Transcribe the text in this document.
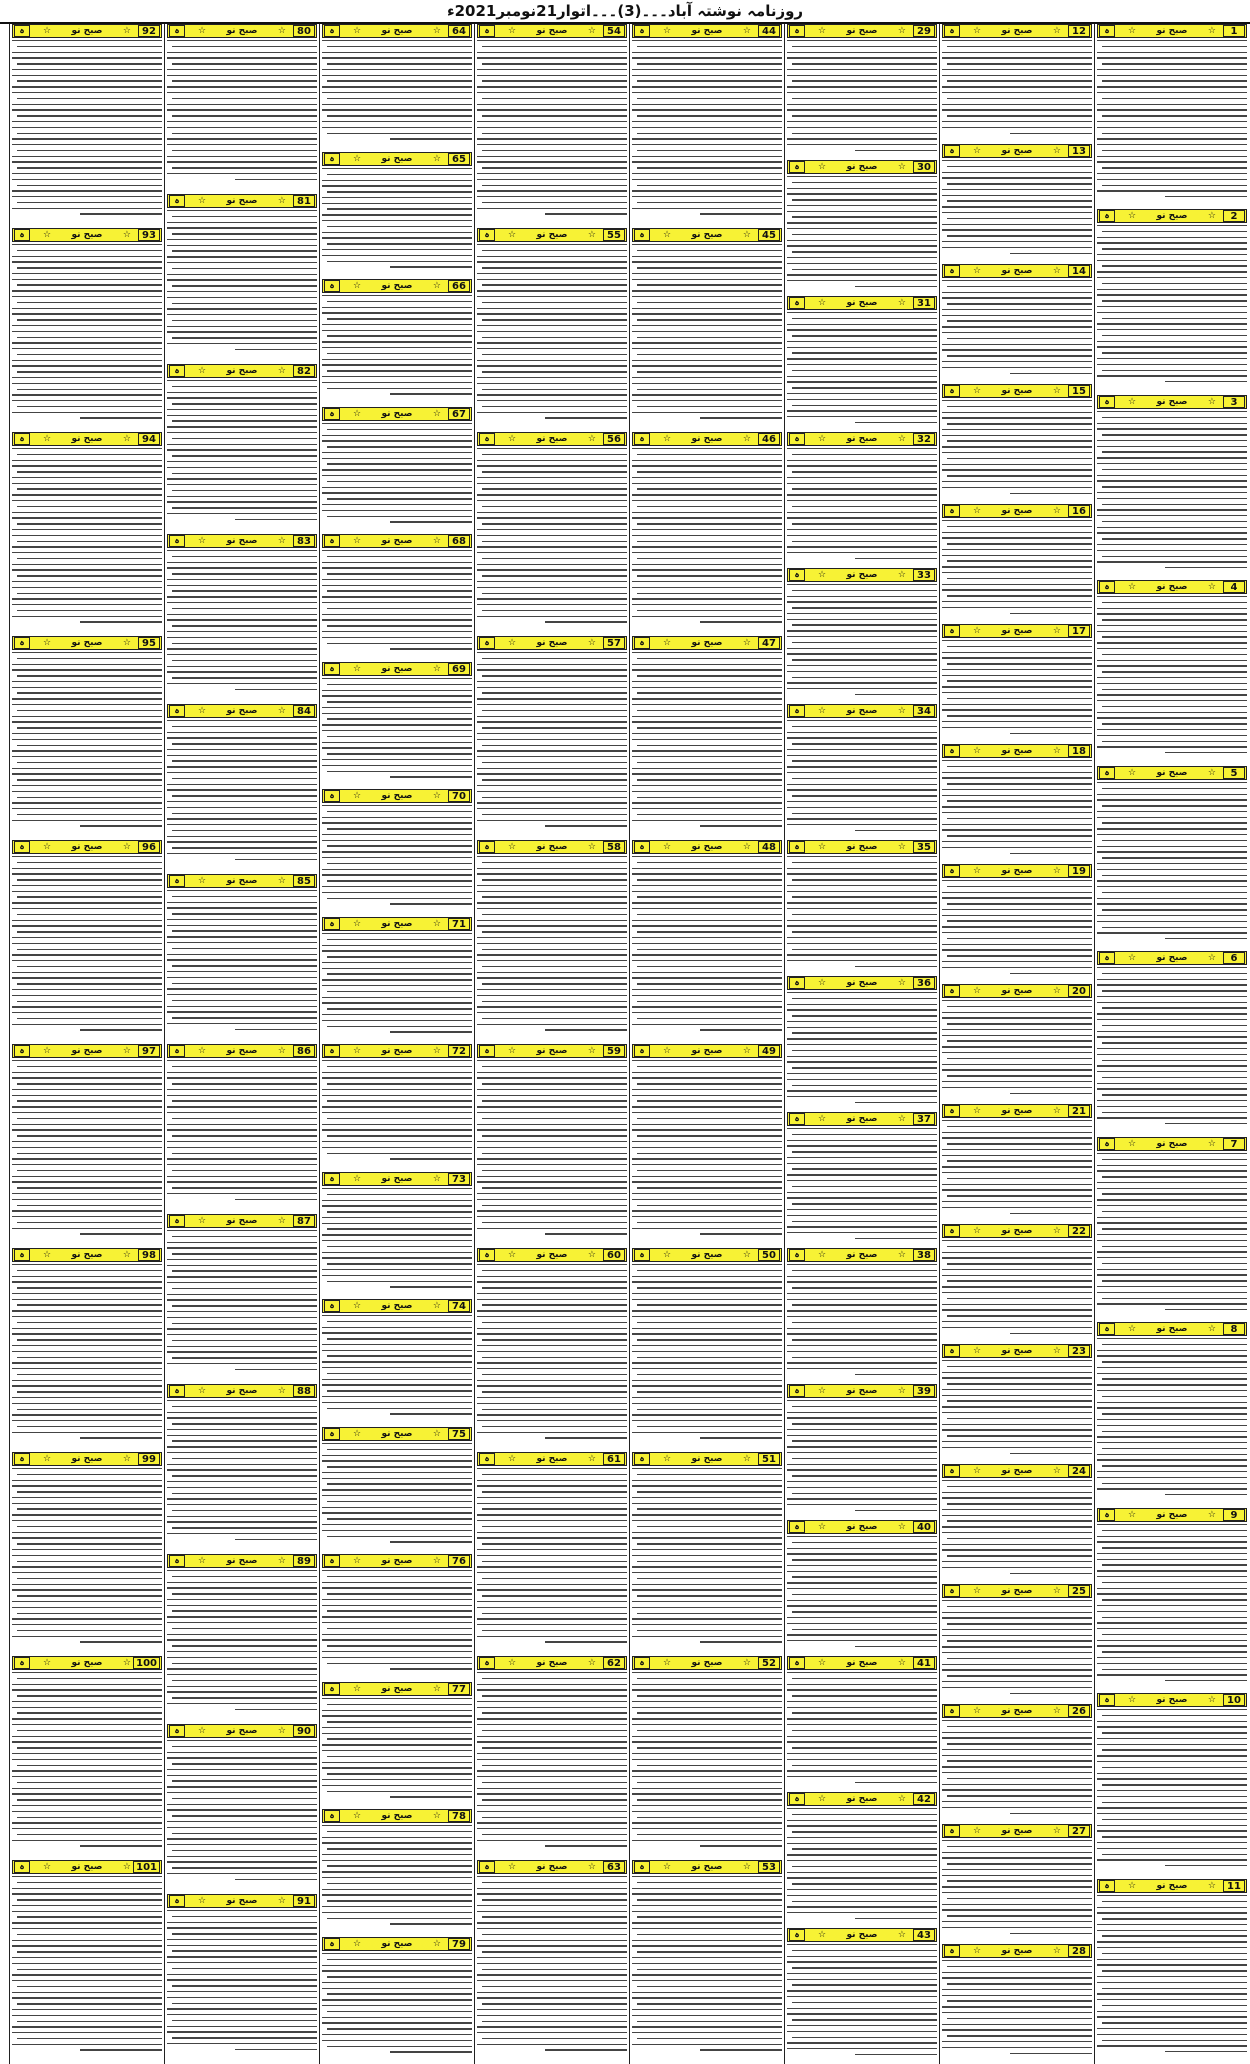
روزنامہ نوشتہ آباد۔۔۔(3)۔۔۔اتوار21نومبر2021ء
1
☆
صبح نو
☆
ہ
2
☆
صبح نو
☆
ہ
3
☆
صبح نو
☆
ہ
4
☆
صبح نو
☆
ہ
5
☆
صبح نو
☆
ہ
6
☆
صبح نو
☆
ہ
7
☆
صبح نو
☆
ہ
8
☆
صبح نو
☆
ہ
9
☆
صبح نو
☆
ہ
10
☆
صبح نو
☆
ہ
11
☆
صبح نو
☆
ہ
12
☆
صبح نو
☆
ہ
13
☆
صبح نو
☆
ہ
14
☆
صبح نو
☆
ہ
15
☆
صبح نو
☆
ہ
16
☆
صبح نو
☆
ہ
17
☆
صبح نو
☆
ہ
18
☆
صبح نو
☆
ہ
19
☆
صبح نو
☆
ہ
20
☆
صبح نو
☆
ہ
21
☆
صبح نو
☆
ہ
22
☆
صبح نو
☆
ہ
23
☆
صبح نو
☆
ہ
24
☆
صبح نو
☆
ہ
25
☆
صبح نو
☆
ہ
26
☆
صبح نو
☆
ہ
27
☆
صبح نو
☆
ہ
28
☆
صبح نو
☆
ہ
29
☆
صبح نو
☆
ہ
30
☆
صبح نو
☆
ہ
31
☆
صبح نو
☆
ہ
32
☆
صبح نو
☆
ہ
33
☆
صبح نو
☆
ہ
34
☆
صبح نو
☆
ہ
35
☆
صبح نو
☆
ہ
36
☆
صبح نو
☆
ہ
37
☆
صبح نو
☆
ہ
38
☆
صبح نو
☆
ہ
39
☆
صبح نو
☆
ہ
40
☆
صبح نو
☆
ہ
41
☆
صبح نو
☆
ہ
42
☆
صبح نو
☆
ہ
43
☆
صبح نو
☆
ہ
44
☆
صبح نو
☆
ہ
45
☆
صبح نو
☆
ہ
46
☆
صبح نو
☆
ہ
47
☆
صبح نو
☆
ہ
48
☆
صبح نو
☆
ہ
49
☆
صبح نو
☆
ہ
50
☆
صبح نو
☆
ہ
51
☆
صبح نو
☆
ہ
52
☆
صبح نو
☆
ہ
53
☆
صبح نو
☆
ہ
54
☆
صبح نو
☆
ہ
55
☆
صبح نو
☆
ہ
56
☆
صبح نو
☆
ہ
57
☆
صبح نو
☆
ہ
58
☆
صبح نو
☆
ہ
59
☆
صبح نو
☆
ہ
60
☆
صبح نو
☆
ہ
61
☆
صبح نو
☆
ہ
62
☆
صبح نو
☆
ہ
63
☆
صبح نو
☆
ہ
64
☆
صبح نو
☆
ہ
65
☆
صبح نو
☆
ہ
66
☆
صبح نو
☆
ہ
67
☆
صبح نو
☆
ہ
68
☆
صبح نو
☆
ہ
69
☆
صبح نو
☆
ہ
70
☆
صبح نو
☆
ہ
71
☆
صبح نو
☆
ہ
72
☆
صبح نو
☆
ہ
73
☆
صبح نو
☆
ہ
74
☆
صبح نو
☆
ہ
75
☆
صبح نو
☆
ہ
76
☆
صبح نو
☆
ہ
77
☆
صبح نو
☆
ہ
78
☆
صبح نو
☆
ہ
79
☆
صبح نو
☆
ہ
80
☆
صبح نو
☆
ہ
81
☆
صبح نو
☆
ہ
82
☆
صبح نو
☆
ہ
83
☆
صبح نو
☆
ہ
84
☆
صبح نو
☆
ہ
85
☆
صبح نو
☆
ہ
86
☆
صبح نو
☆
ہ
87
☆
صبح نو
☆
ہ
88
☆
صبح نو
☆
ہ
89
☆
صبح نو
☆
ہ
90
☆
صبح نو
☆
ہ
91
☆
صبح نو
☆
ہ
92
☆
صبح نو
☆
ہ
93
☆
صبح نو
☆
ہ
94
☆
صبح نو
☆
ہ
95
☆
صبح نو
☆
ہ
96
☆
صبح نو
☆
ہ
97
☆
صبح نو
☆
ہ
98
☆
صبح نو
☆
ہ
99
☆
صبح نو
☆
ہ
100
☆
صبح نو
☆
ہ
101
☆
صبح نو
☆
ہ
